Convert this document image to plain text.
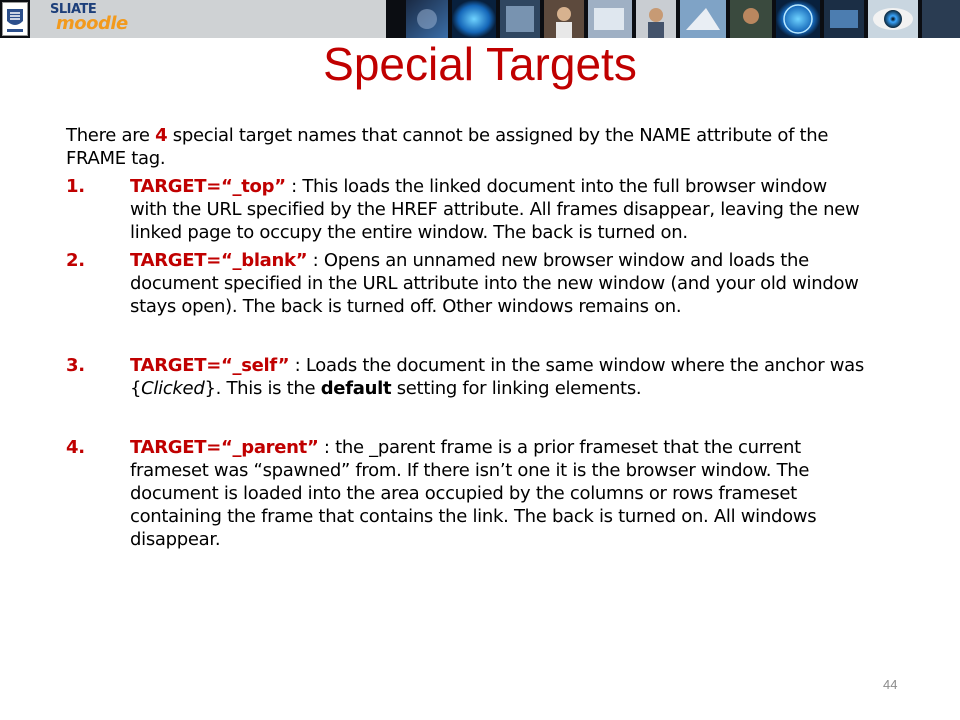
SLIATE
moodle
Special Targets

There are 4 special target names that cannot be assigned by the NAME attribute of the FRAME tag.

1.	TARGET=“_top” : This loads the linked document into the full browser window with the URL specified by the HREF attribute. All frames disappear, leaving the new linked page to occupy the entire window. The back is turned on.
2.	TARGET=“_blank” : Opens an unnamed new browser window and loads the document specified in the URL attribute into the new window (and your old window stays open). The back is turned off. Other windows remains on.
3.	TARGET=“_self” : Loads the document in the same window where the anchor was {Clicked}. This is the default setting for linking elements.
4.	TARGET=“_parent” : the _parent frame is a prior frameset that the current frameset was “spawned” from. If there isn’t one it is the browser window. The document is loaded into the area occupied by the columns or rows frameset containing the frame that contains the link. The back is turned on. All windows disappear.
44
